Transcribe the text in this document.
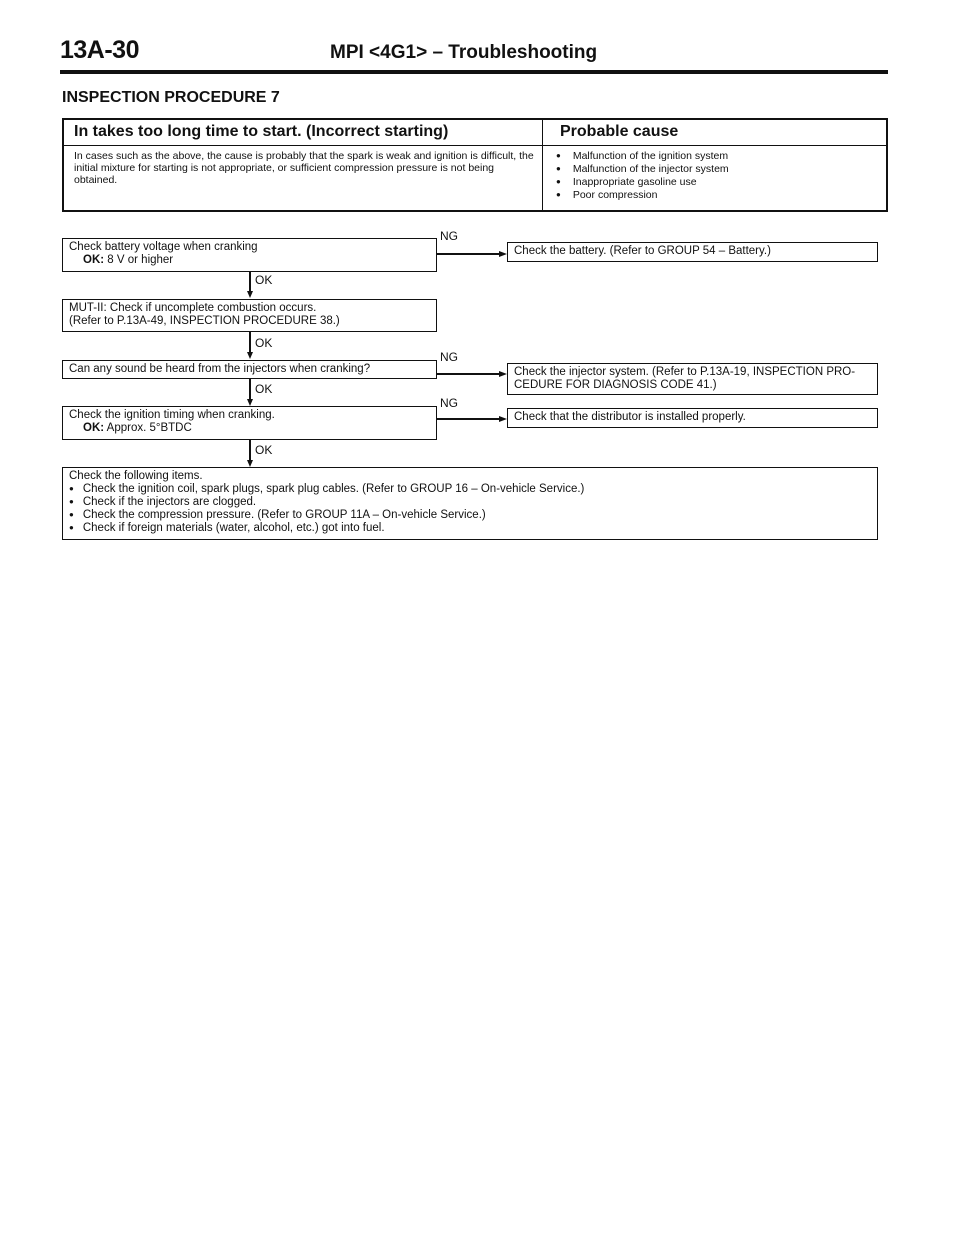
13A-30	MPI <4G1> – Troubleshooting
INSPECTION PROCEDURE 7
In takes too long time to start. (Incorrect starting)	Probable cause
In cases such as the above, the cause is probably that the spark is weak and ignition is difficult, the initial mixture for starting is not appropriate, or sufficient compression pressure is not being obtained.
● Malfunction of the ignition system
● Malfunction of the injector system
● Inappropriate gasoline use
● Poor compression
Check battery voltage when cranking
OK: 8 V or higher
NG
Check the battery. (Refer to GROUP 54 – Battery.)
OK
MUT-II: Check if uncomplete combustion occurs.
(Refer to P.13A-49, INSPECTION PROCEDURE 38.)
OK
Can any sound be heard from the injectors when cranking?
NG
Check the injector system. (Refer to P.13A-19, INSPECTION PRO-
CEDURE FOR DIAGNOSIS CODE 41.)
OK
Check the ignition timing when cranking.
OK: Approx. 5°BTDC
NG
Check that the distributor is installed properly.
OK
Check the following items.
● Check the ignition coil, spark plugs, spark plug cables. (Refer to GROUP 16 – On-vehicle Service.)
● Check if the injectors are clogged.
● Check the compression pressure. (Refer to GROUP 11A – On-vehicle Service.)
● Check if foreign materials (water, alcohol, etc.) got into fuel.
